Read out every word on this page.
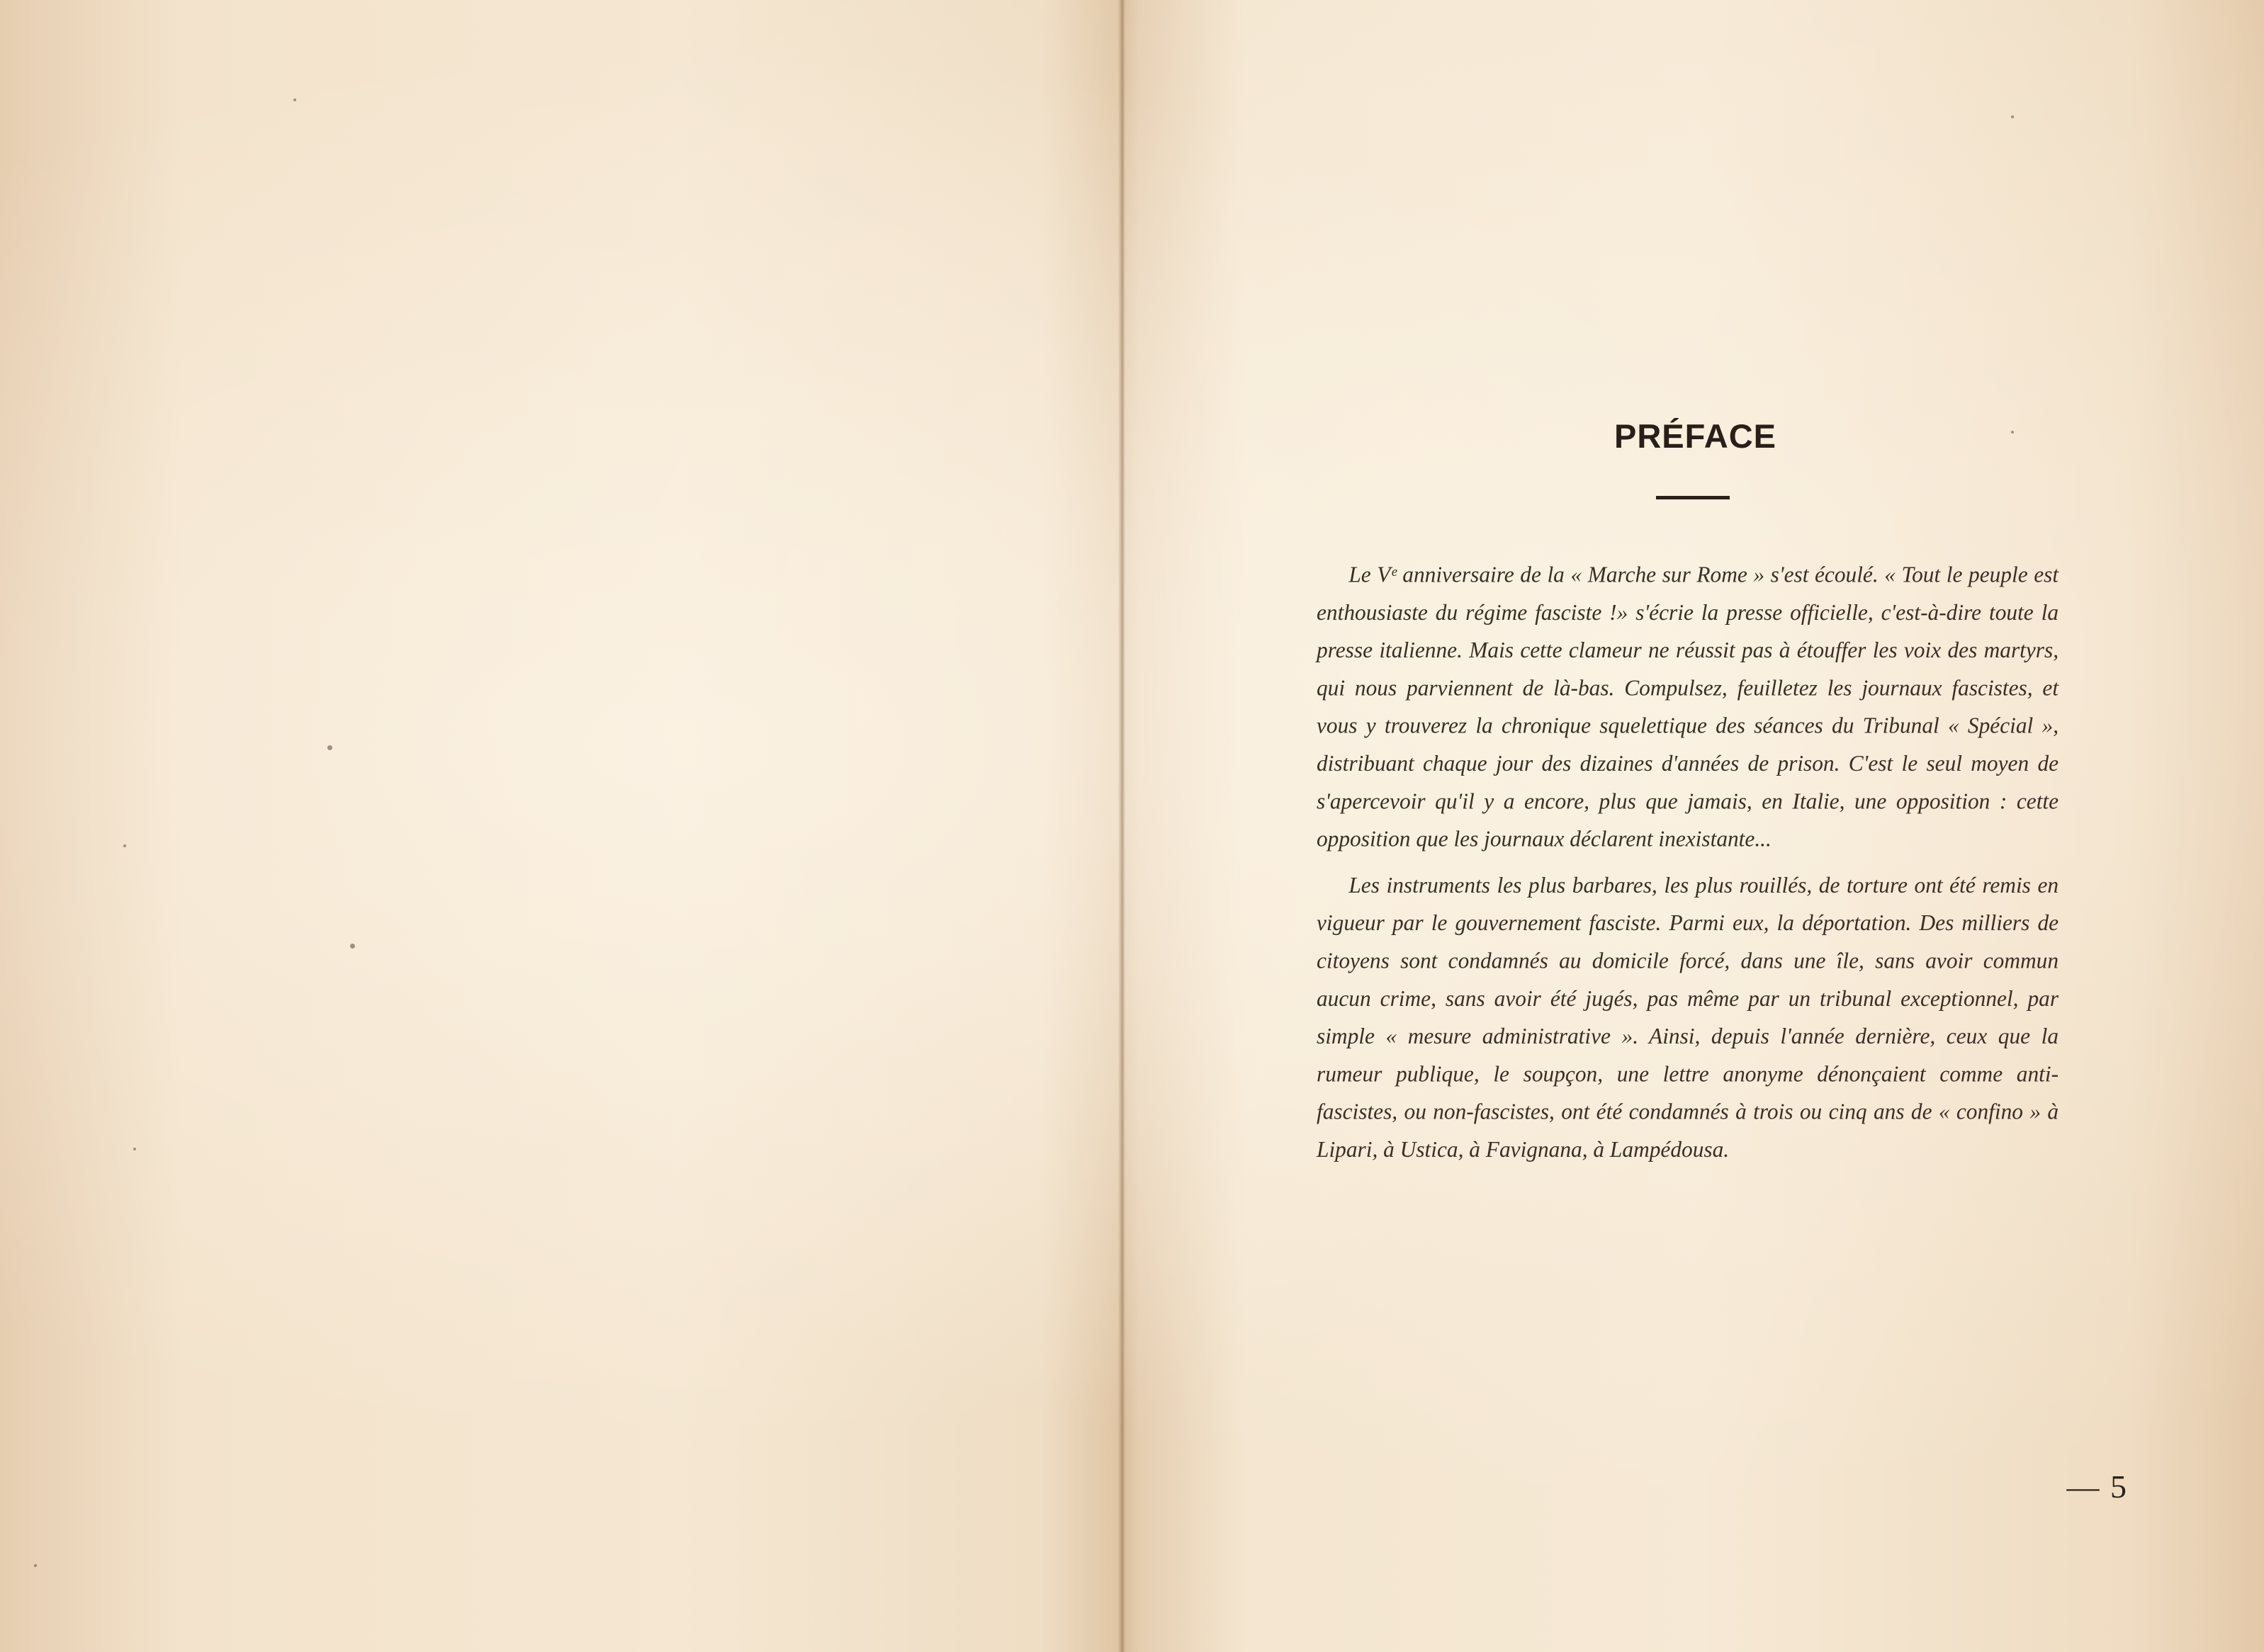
PRÉFACE

Le Vᵉ anniversaire de la « Marche sur Rome » s'est écoulé. « Tout le peuple est enthousiaste du régime fasciste !» s'écrie la presse officielle, c'est-à-dire toute la presse italienne. Mais cette clameur ne réussit pas à étouffer les voix des martyrs, qui nous parviennent de là-bas. Compulsez, feuilletez les journaux fascistes, et vous y trouverez la chronique squelettique des séances du Tribunal « Spécial », distribuant chaque jour des dizaines d'années de prison. C'est le seul moyen de s'apercevoir qu'il y a encore, plus que jamais, en Italie, une opposition : cette opposition que les journaux déclarent inexistante...

Les instruments les plus barbares, les plus rouillés, de torture ont été remis en vigueur par le gouvernement fasciste. Parmi eux, la déportation. Des milliers de citoyens sont condamnés au domicile forcé, dans une île, sans avoir commun aucun crime, sans avoir été jugés, pas même par un tribunal exceptionnel, par simple « mesure administrative ». Ainsi, depuis l'année dernière, ceux que la rumeur publique, le soupçon, une lettre anonyme dénonçaient comme anti-fascistes, ou non-fascistes, ont été condamnés à trois ou cinq ans de « confino » à Lipari, à Ustica, à Favignana, à Lampédousa.

— 5
